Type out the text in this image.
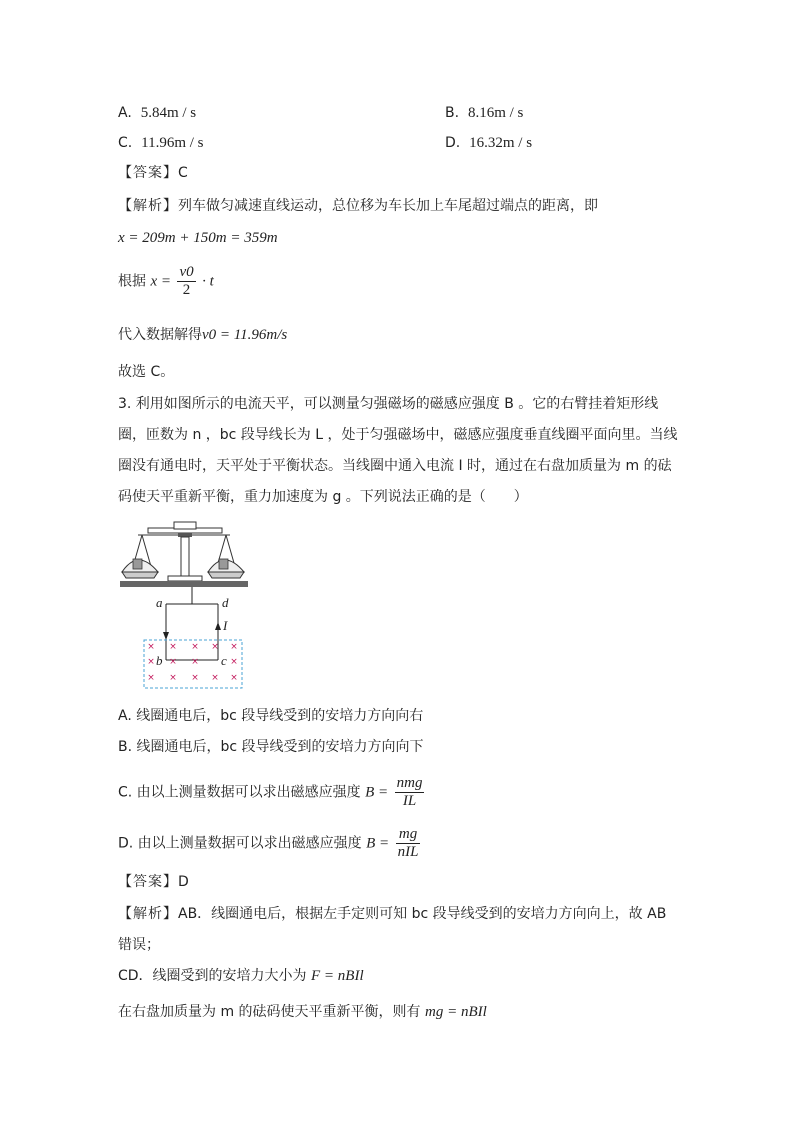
A. 5.84m / s	B. 8.16m / s
C. 11.96m / s	D. 16.32m / s
【答案】C
【解析】列车做匀减速直线运动，总位移为车长加上车尾超过端点的距离，即
x = 209m + 150m = 359m
根据 $x = \frac{v0}{2} \cdot t$
代入数据解得v0 = 11.96m/s
故选 C。
3. 利用如图所示的电流天平，可以测量匀强磁场的磁感应强度 B 。它的右臂挂着矩形线
圈，匝数为 n ，bc 段导线长为 L ，处于匀强磁场中，磁感应强度垂直线圈平面向里。当线
圈没有通电时，天平处于平衡状态。当线圈中通入电流 I 时，通过在右盘加质量为 m 的砝
码使天平重新平衡，重力加速度为 g 。下列说法正确的是（　　）
× × × × ×
× × ×	×
× × × × ×
a	d
b	c
I
A. 线圈通电后，bc 段导线受到的安培力方向向右
B. 线圈通电后，bc 段导线受到的安培力方向向下
C. 由以上测量数据可以求出磁感应强度 $B = \frac{\text{nmg}}{IL}$
D. 由以上测量数据可以求出磁感应强度 $B = \frac{mg}{\text{nIL}}$
【答案】D
【解析】AB．线圈通电后，根据左手定则可知 bc 段导线受到的安培力方向向上，故 AB
错误；
CD．线圈受到的安培力大小为 F = nBIl
在右盘加质量为 m 的砝码使天平重新平衡，则有 mg = nBIl
